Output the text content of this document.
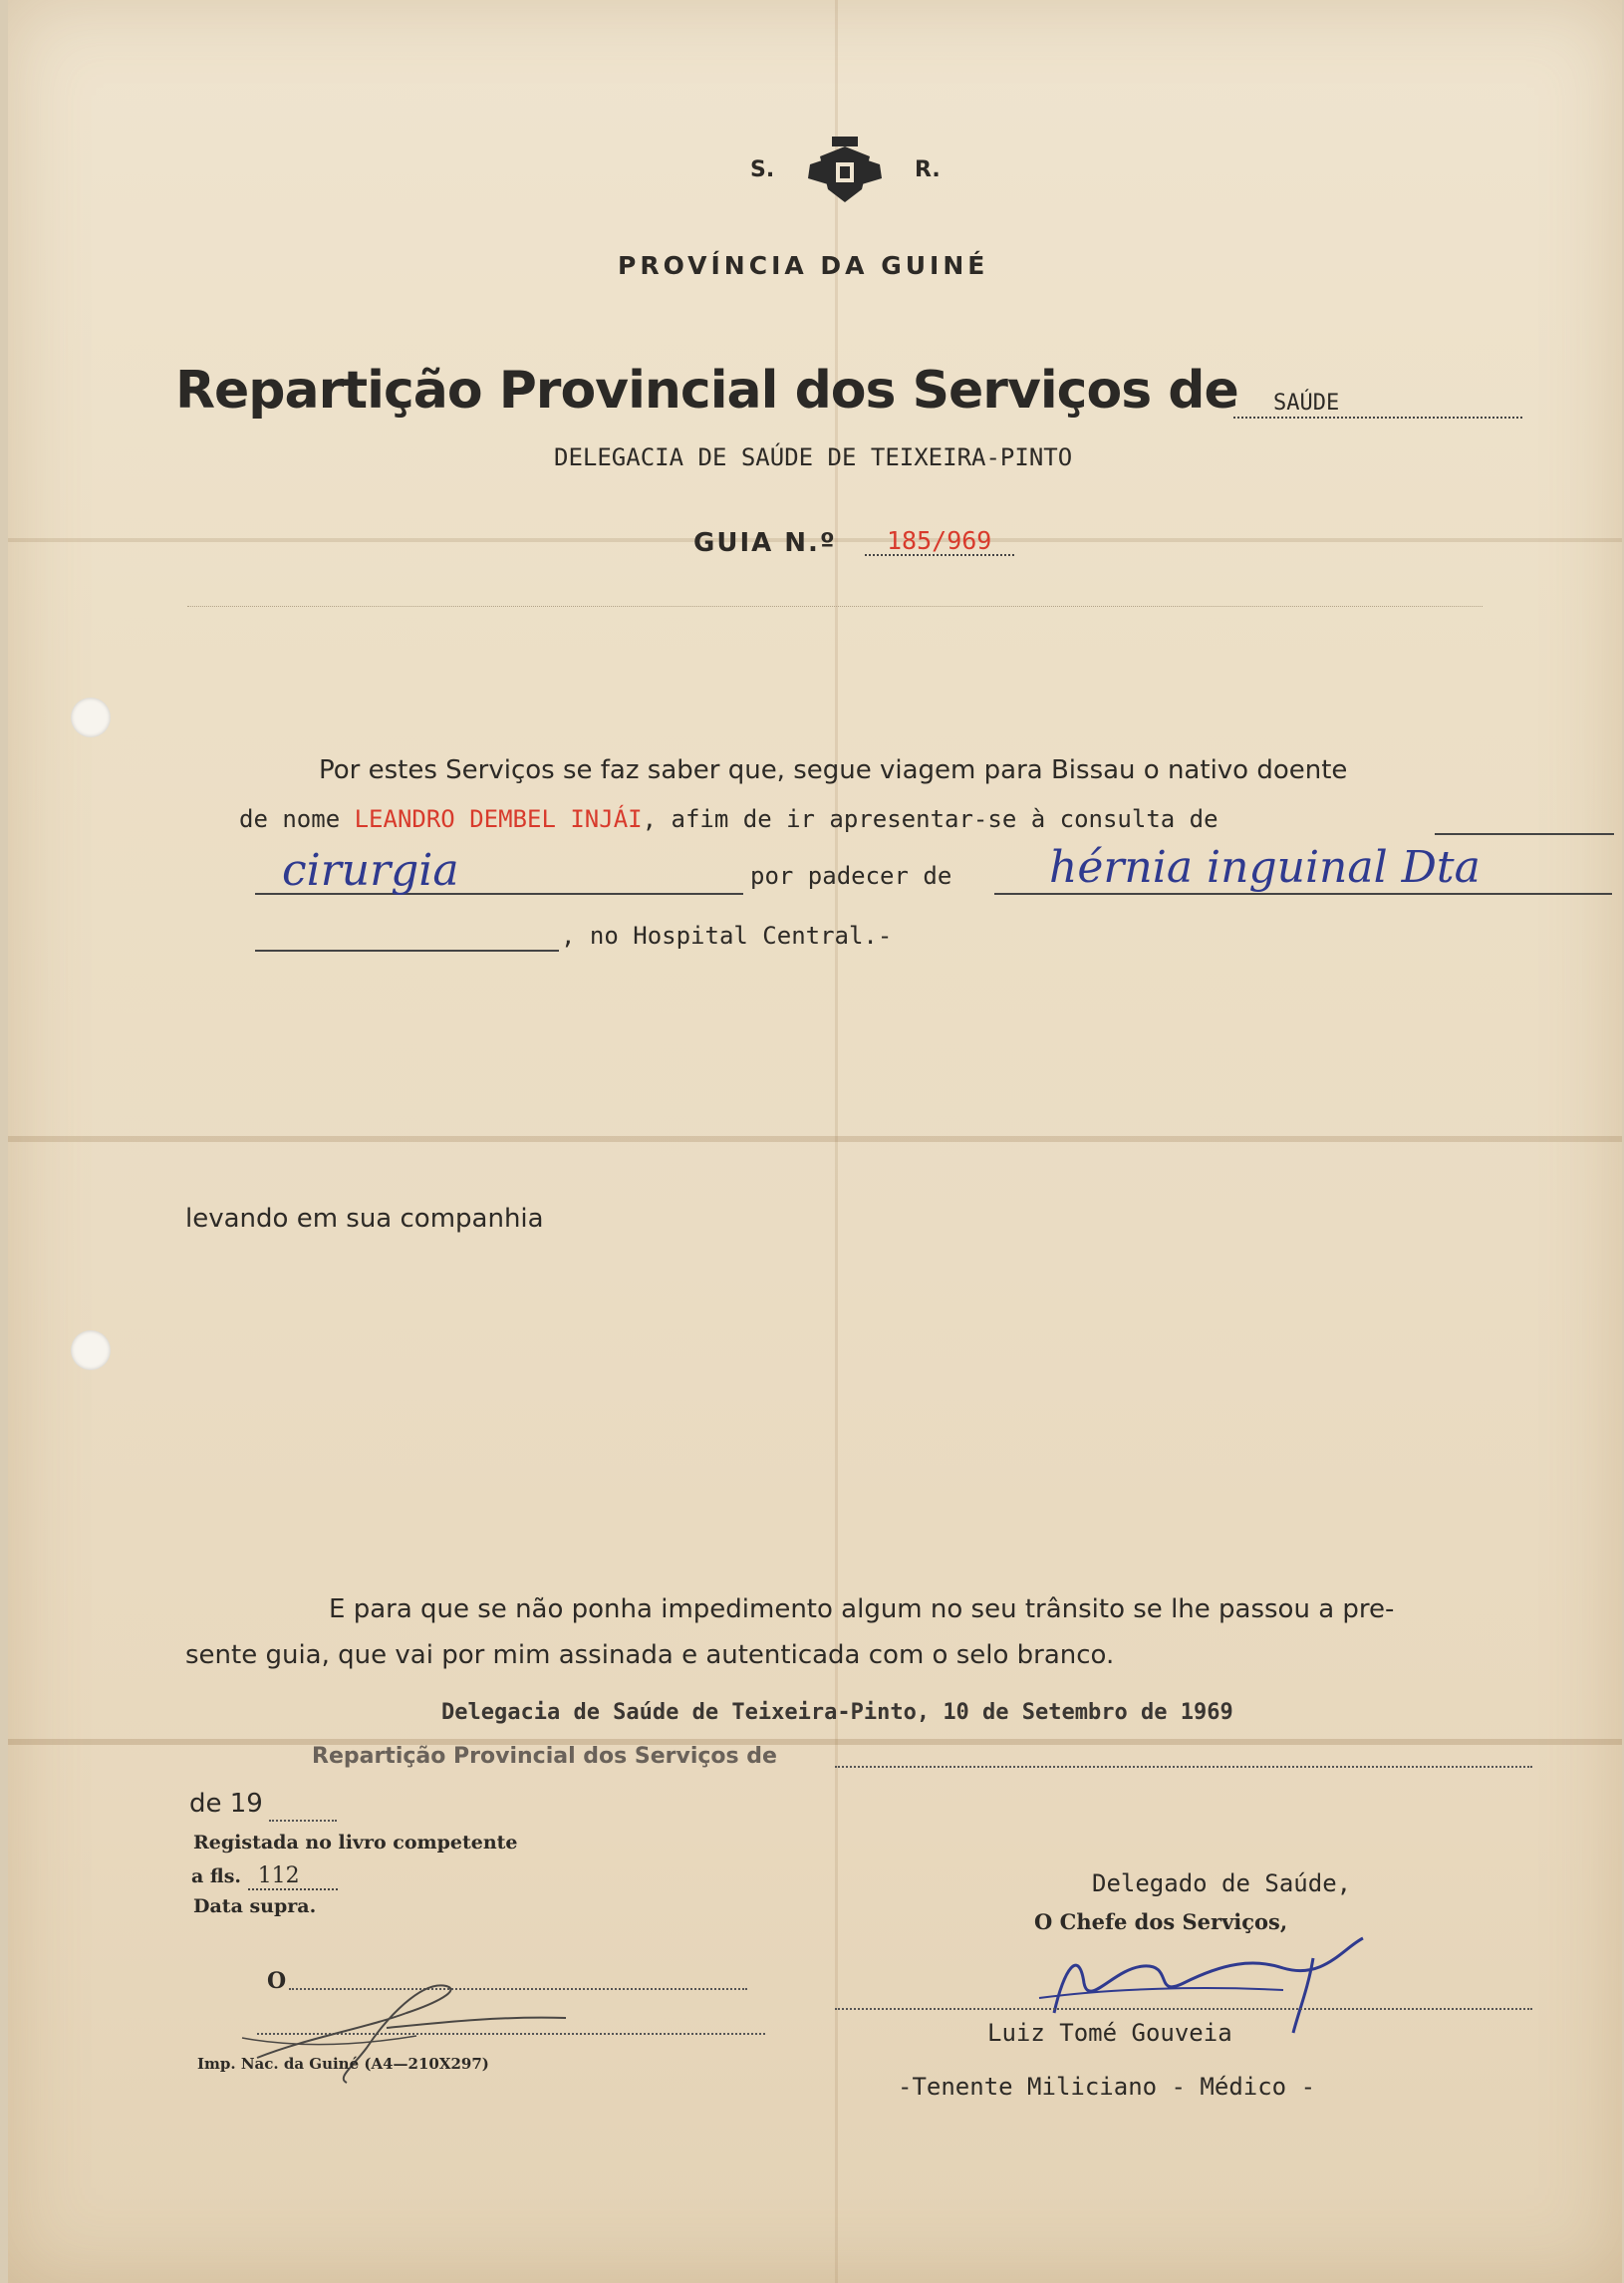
S.	R.
PROVÍNCIA DA GUINÉ
Repartição Provincial dos Serviços de SAÚDE
DELEGACIA DE SAÚDE DE TEIXEIRA-PINTO
GUIA N.º 185/969
Por estes Serviços se faz saber que, segue viagem para Bissau o nativo doente
de nome LEANDRO DEMBEL INJÁI, afim de ir apresentar-se à consulta de
cirurgia	por padecer de hérnia inguinal Dta
, no Hospital Central.-
levando em sua companhia
E para que se não ponha impedimento algum no seu trânsito se lhe passou a pre-
sente guia, que vai por mim assinada e autenticada com o selo branco.
Delegacia de Saúde de Teixeira-Pinto, 10 de Setembro de 1969
Repartição Provincial dos Serviços de
de 19
Registada no livro competente
a fls. 112
Data supra.
O
Imp. Nac. da Guiné (A4—210X297)
Delegado de Saúde,
O Chefe dos Serviços,
Luiz Tomé Gouveia
-Tenente Miliciano - Médico -
